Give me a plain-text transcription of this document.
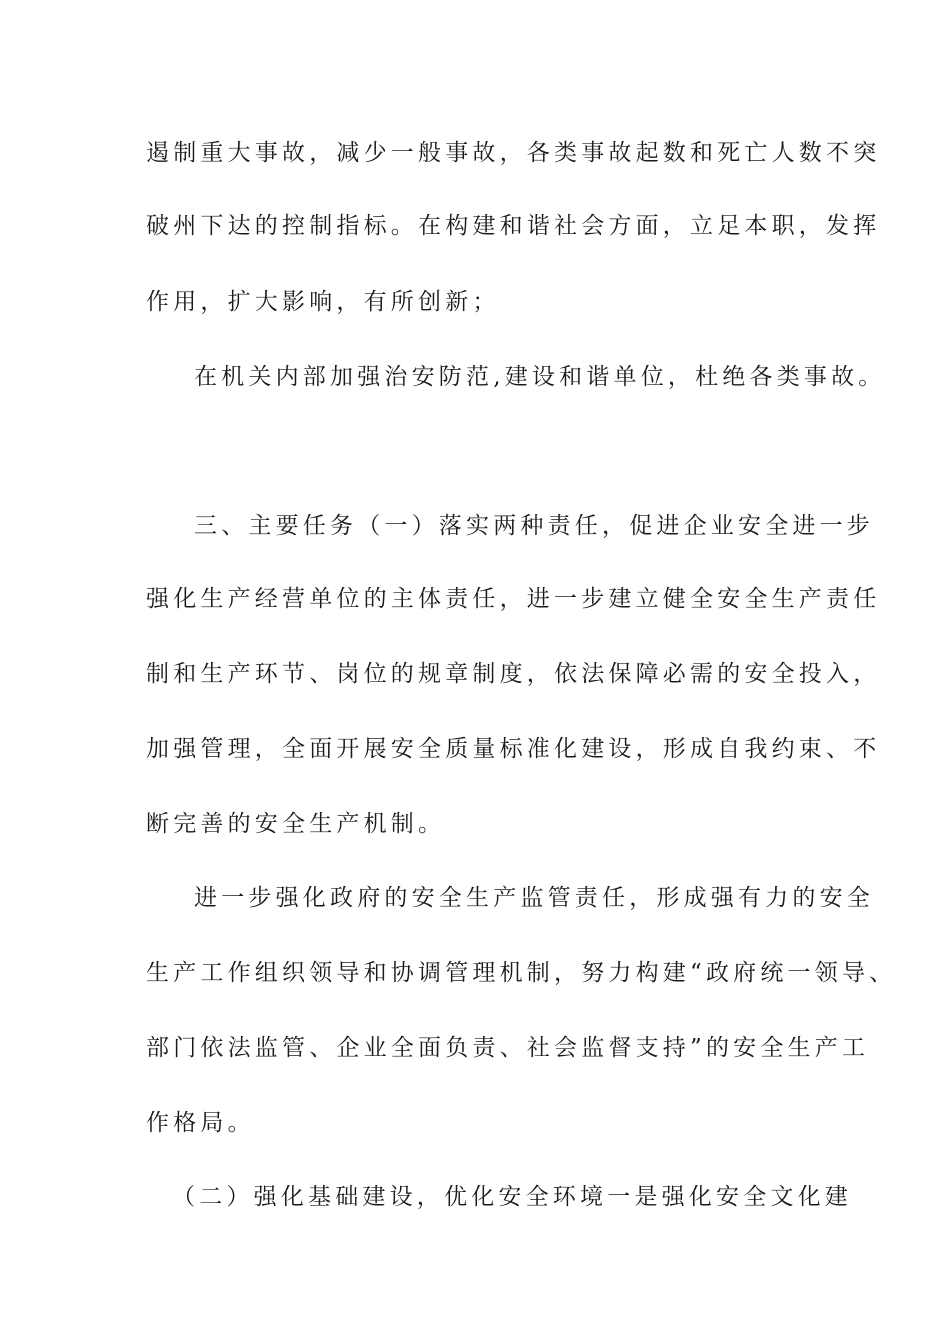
遏制重大事故，减少一般事故，各类事故起数和死亡人数不突
破州下达的控制指标。在构建和谐社会方面，立足本职，发挥
作用，扩大影响，有所创新；
在机关内部加强治安防范,建设和谐单位，杜绝各类事故。
三、主要任务（一）落实两种责任，促进企业安全进一步
强化生产经营单位的主体责任，进一步建立健全安全生产责任
制和生产环节、岗位的规章制度，依法保障必需的安全投入，
加强管理，全面开展安全质量标准化建设，形成自我约束、不
断完善的安全生产机制。
进一步强化政府的安全生产监管责任，形成强有力的安全
生产工作组织领导和协调管理机制，努力构建“政府统一领导、
部门依法监管、企业全面负责、社会监督支持”的安全生产工
作格局。
（二）强化基础建设，优化安全环境一是强化安全文化建
